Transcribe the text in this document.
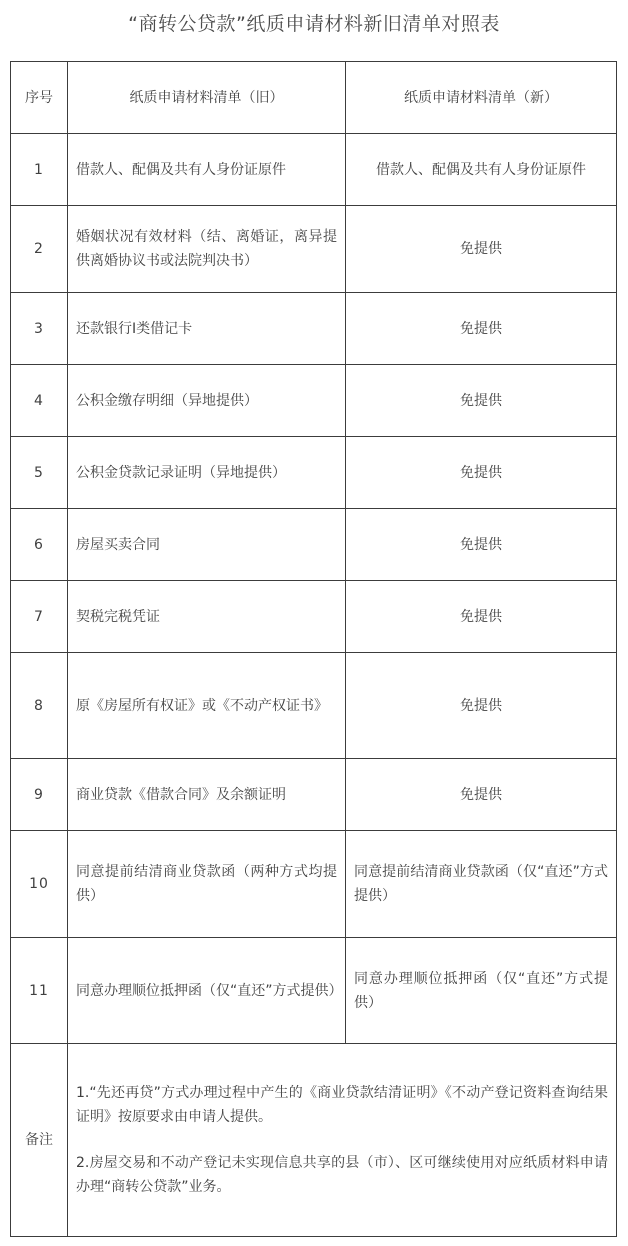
“商转公贷款”纸质申请材料新旧清单对照表
序号	纸质申请材料清单（旧）	纸质申请材料清单（新）
1	借款人、配偶及共有人身份证原件	借款人、配偶及共有人身份证原件
2	婚姻状况有效材料（结、离婚证，离异提供离婚协议书或法院判决书）	免提供
3	还款银行I类借记卡	免提供
4	公积金缴存明细（异地提供）	免提供
5	公积金贷款记录证明（异地提供）	免提供
6	房屋买卖合同	免提供
7	契税完税凭证	免提供
8	原《房屋所有权证》或《不动产权证书》	免提供
9	商业贷款《借款合同》及余额证明	免提供
10	同意提前结清商业贷款函（两种方式均提供）	同意提前结清商业贷款函（仅“直还”方式提供）
11	同意办理顺位抵押函（仅“直还”方式提供）	同意办理顺位抵押函（仅“直还”方式提供）
备注	1.“先还再贷”方式办理过程中产生的《商业贷款结清证明》《不动产登记资料查询结果证明》按原要求由申请人提供。

2.房屋交易和不动产登记未实现信息共享的县（市）、区可继续使用对应纸质材料申请办理“商转公贷款”业务。	
